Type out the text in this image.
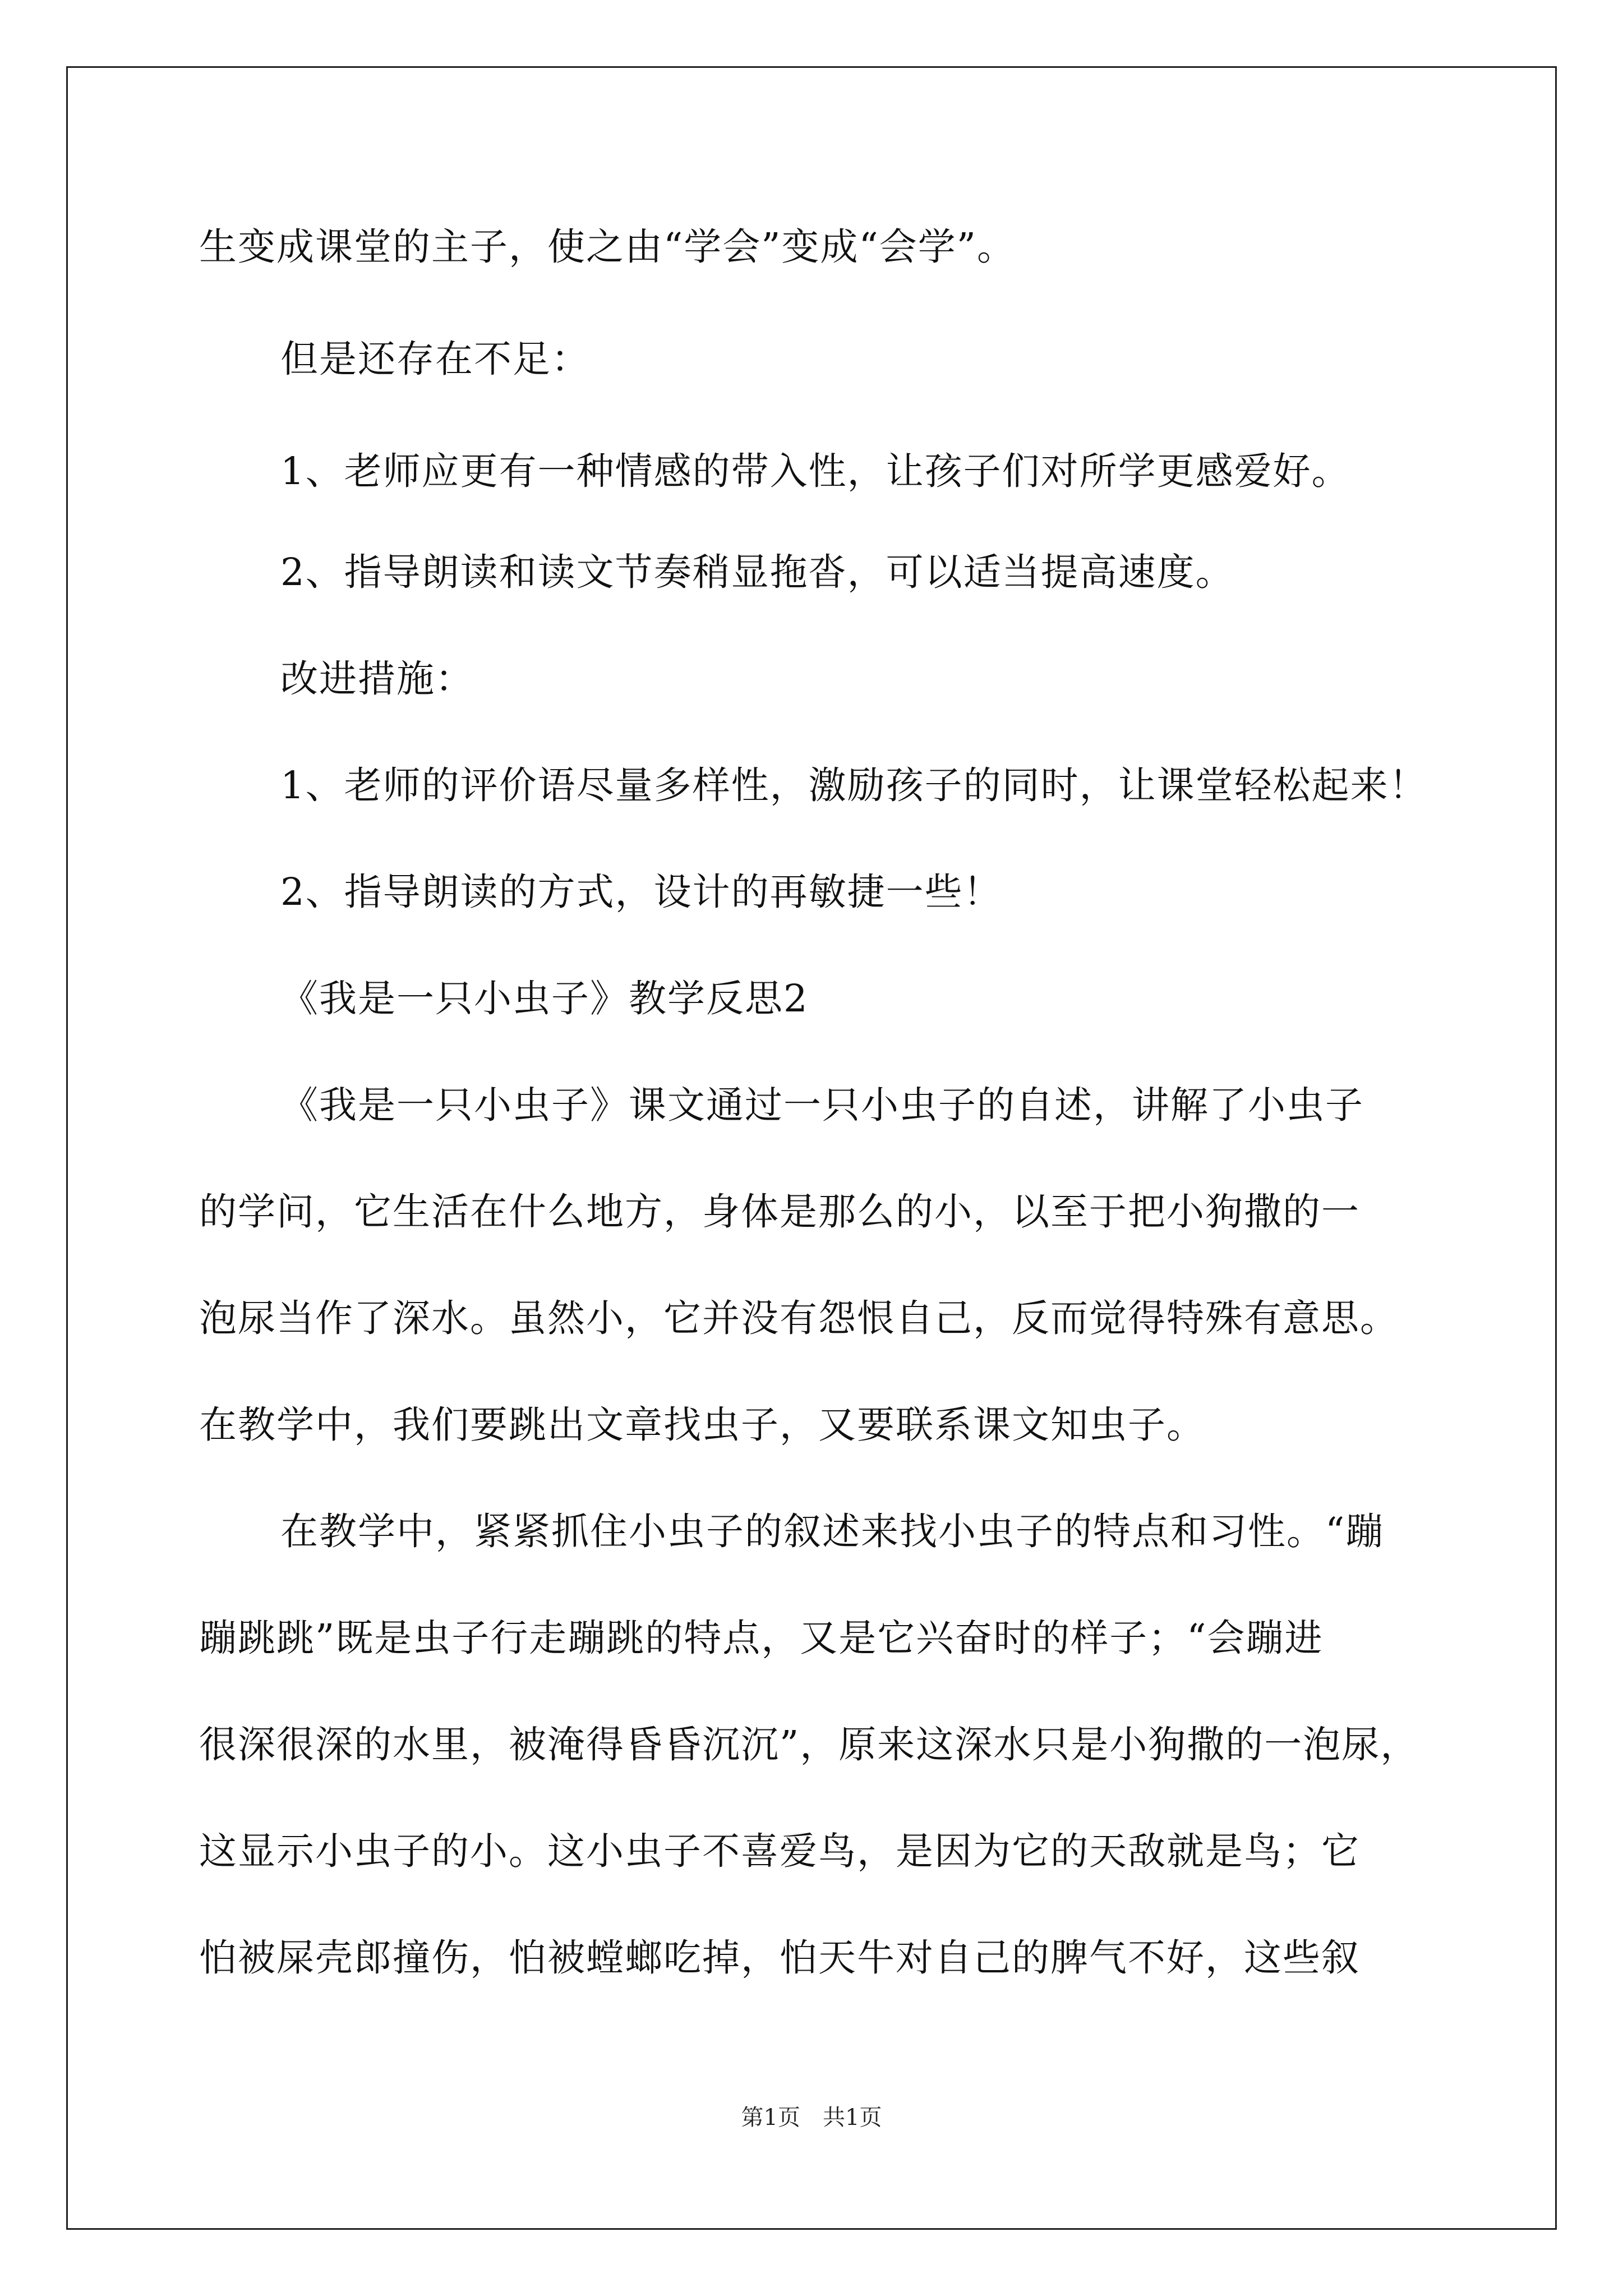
生变成课堂的主子，使之由“学会”变成“会学”。
但是还存在不足：
1、老师应更有一种情感的带入性，让孩子们对所学更感爱好。
2、指导朗读和读文节奏稍显拖沓，可以适当提高速度。
改进措施：
1、老师的评价语尽量多样性，激励孩子的同时，让课堂轻松起来！
2、指导朗读的方式，设计的再敏捷一些！
《我是一只小虫子》教学反思2
《我是一只小虫子》课文通过一只小虫子的自述，讲解了小虫子
的学问，它生活在什么地方，身体是那么的小，以至于把小狗撒的一
泡尿当作了深水。虽然小，它并没有怨恨自己，反而觉得特殊有意思。
在教学中，我们要跳出文章找虫子，又要联系课文知虫子。
在教学中，紧紧抓住小虫子的叙述来找小虫子的特点和习性。“蹦
蹦跳跳”既是虫子行走蹦跳的特点，又是它兴奋时的样子；“会蹦进
很深很深的水里，被淹得昏昏沉沉”，原来这深水只是小狗撒的一泡尿，
这显示小虫子的小。这小虫子不喜爱鸟，是因为它的天敌就是鸟；它
怕被屎壳郎撞伤，怕被螳螂吃掉，怕天牛对自己的脾气不好，这些叙
第1页　共1页
